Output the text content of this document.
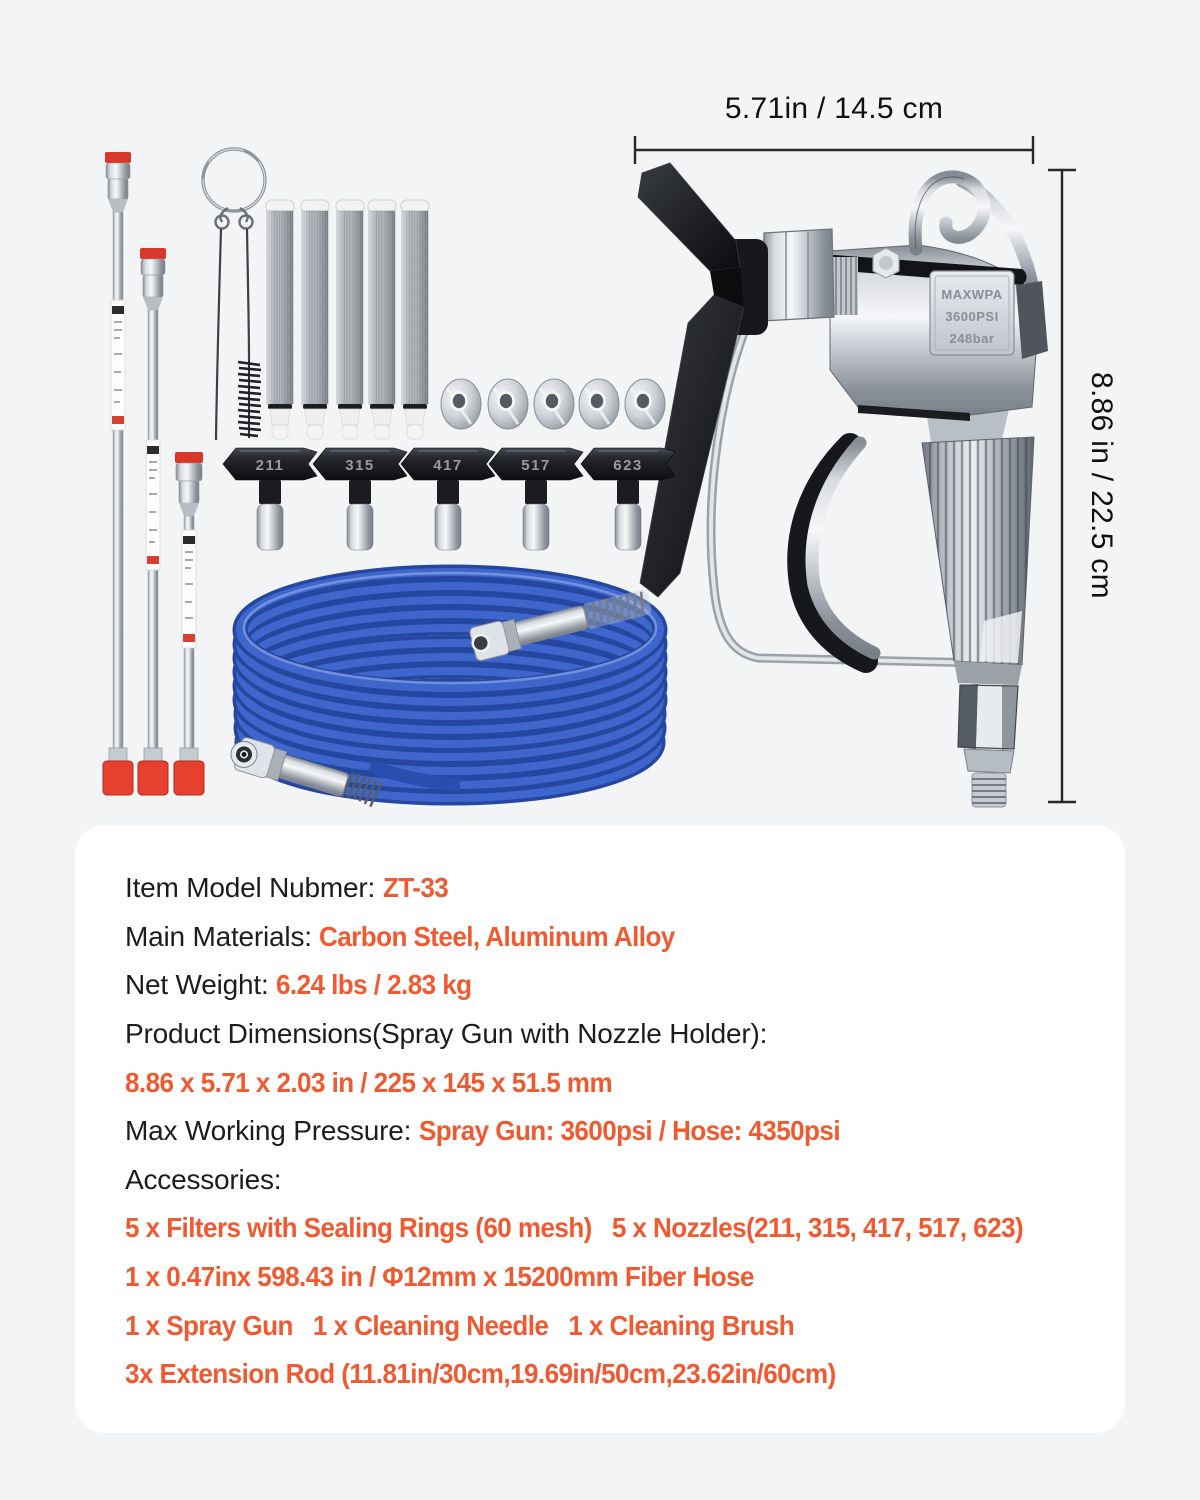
5.71in / 14.5 cm
8.86 in / 22.5 cm
211	315	417	517	623
MAXWPA
3600PSI
248bar
Item Model Nubmer: ZT-33
Main Materials: Carbon Steel, Aluminum Alloy
Net Weight: 6.24 lbs / 2.83 kg
Product Dimensions(Spray Gun with Nozzle Holder):
8.86 x 5.71 x 2.03 in / 225 x 145 x 51.5 mm
Max Working Pressure: Spray Gun: 3600psi / Hose: 4350psi
Accessories:
5 x Filters with Sealing Rings (60 mesh)   5 x Nozzles(211, 315, 417, 517, 623)
1 x 0.47inx 598.43 in / Φ12mm x 15200mm Fiber Hose
1 x Spray Gun   1 x Cleaning Needle   1 x Cleaning Brush
3x Extension Rod (11.81in/30cm,19.69in/50cm,23.62in/60cm)
